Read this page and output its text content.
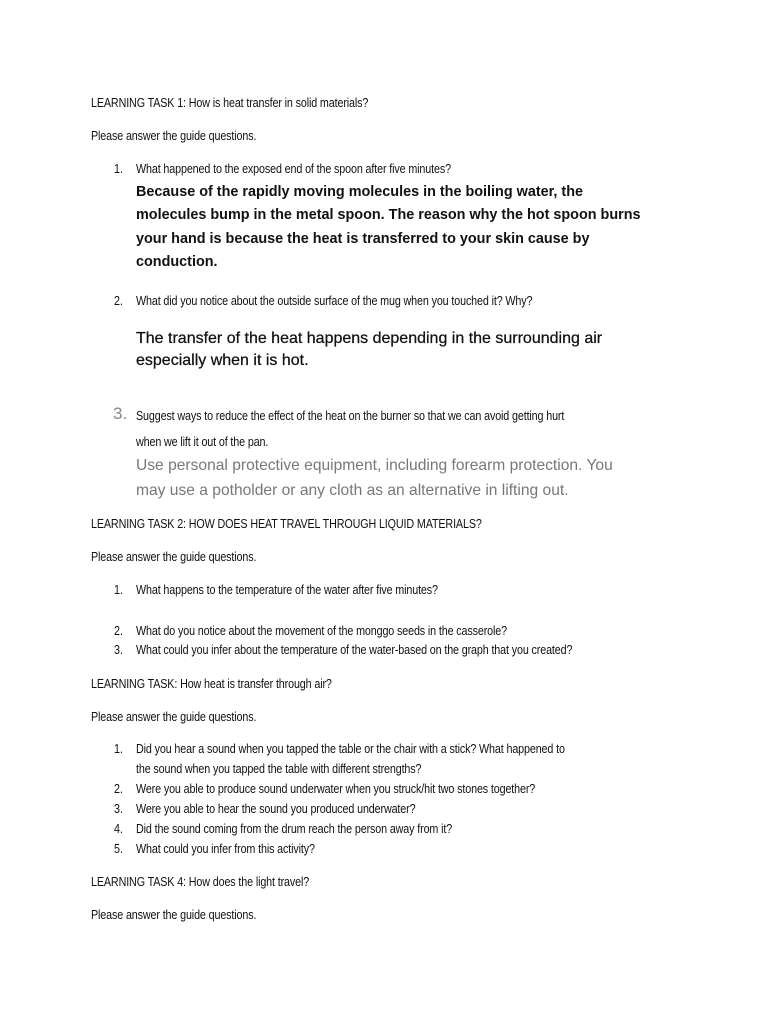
LEARNING TASK 1: How is heat transfer in solid materials?
Please answer the guide questions.
1. What happened to the exposed end of the spoon after five minutes?
Because of the rapidly moving molecules in the boiling water, the
molecules bump in the metal spoon. The reason why the hot spoon burns
your hand is because the heat is transferred to your skin cause by
conduction.
2. What did you notice about the outside surface of the mug when you touched it? Why?
The transfer of the heat happens depending in the surrounding air
especially when it is hot.
3. Suggest ways to reduce the effect of the heat on the burner so that we can avoid getting hurt
when we lift it out of the pan.
Use personal protective equipment, including forearm protection. You
may use a potholder or any cloth as an alternative in lifting out.
LEARNING TASK 2: HOW DOES HEAT TRAVEL THROUGH LIQUID MATERIALS?
Please answer the guide questions.
1. What happens to the temperature of the water after five minutes?
2. What do you notice about the movement of the monggo seeds in the casserole?
3. What could you infer about the temperature of the water-based on the graph that you created?
LEARNING TASK: How heat is transfer through air?
Please answer the guide questions.
1. Did you hear a sound when you tapped the table or the chair with a stick? What happened to
the sound when you tapped the table with different strengths?
2. Were you able to produce sound underwater when you struck/hit two stones together?
3. Were you able to hear the sound you produced underwater?
4. Did the sound coming from the drum reach the person away from it?
5. What could you infer from this activity?
LEARNING TASK 4: How does the light travel?
Please answer the guide questions.
